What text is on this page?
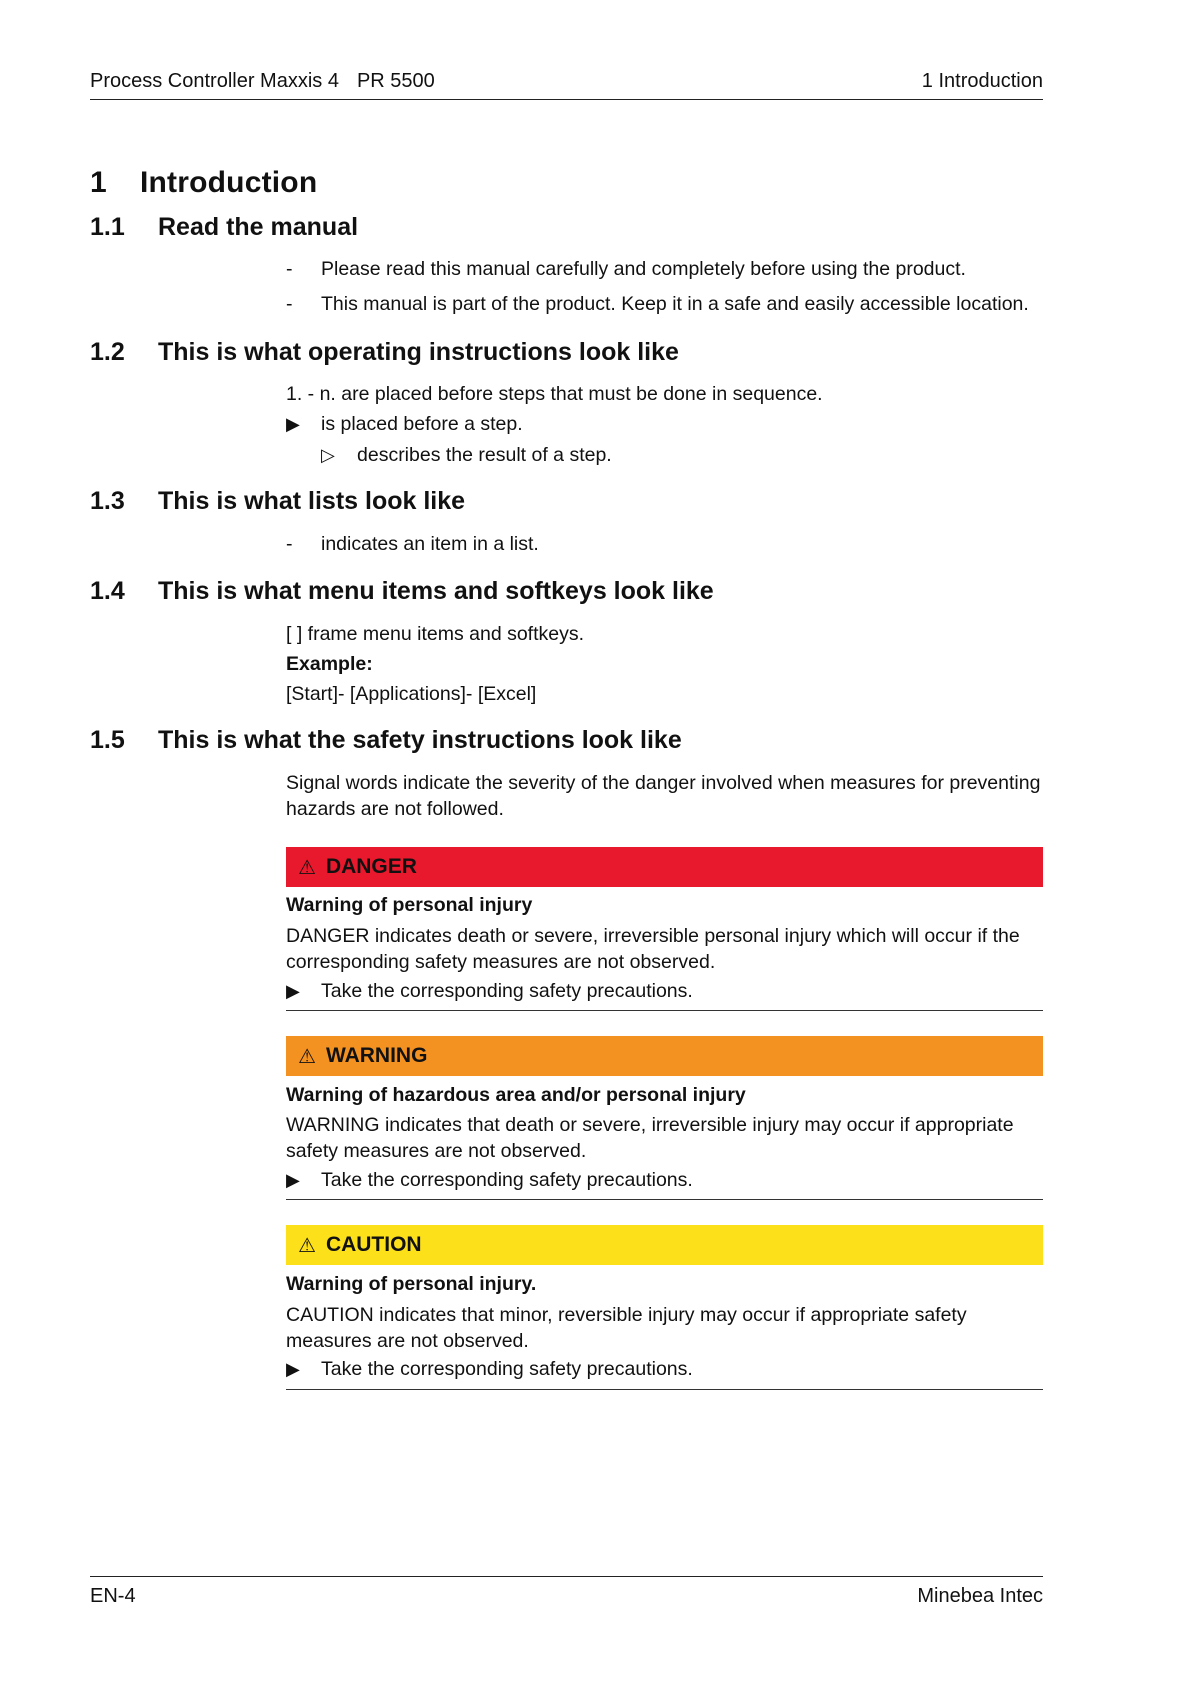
Process Controller Maxxis 4 PR 5500	1 Introduction
1 Introduction
1.1 Read the manual
- Please read this manual carefully and completely before using the product.
- This manual is part of the product. Keep it in a safe and easily accessible location.
1.2 This is what operating instructions look like
1. - n. are placed before steps that must be done in sequence.
▶ is placed before a step.
▷ describes the result of a step.
1.3 This is what lists look like
- indicates an item in a list.
1.4 This is what menu items and softkeys look like
[ ] frame menu items and softkeys.
Example:
[Start]- [Applications]- [Excel]
1.5 This is what the safety instructions look like
Signal words indicate the severity of the danger involved when measures for preventing hazards are not followed.
⚠ DANGER
Warning of personal injury
DANGER indicates death or severe, irreversible personal injury which will occur if the corresponding safety measures are not observed.
▶ Take the corresponding safety precautions.
⚠ WARNING
Warning of hazardous area and/or personal injury
WARNING indicates that death or severe, irreversible injury may occur if appropriate safety measures are not observed.
▶ Take the corresponding safety precautions.
⚠ CAUTION
Warning of personal injury.
CAUTION indicates that minor, reversible injury may occur if appropriate safety measures are not observed.
▶ Take the corresponding safety precautions.
EN-4	Minebea Intec
